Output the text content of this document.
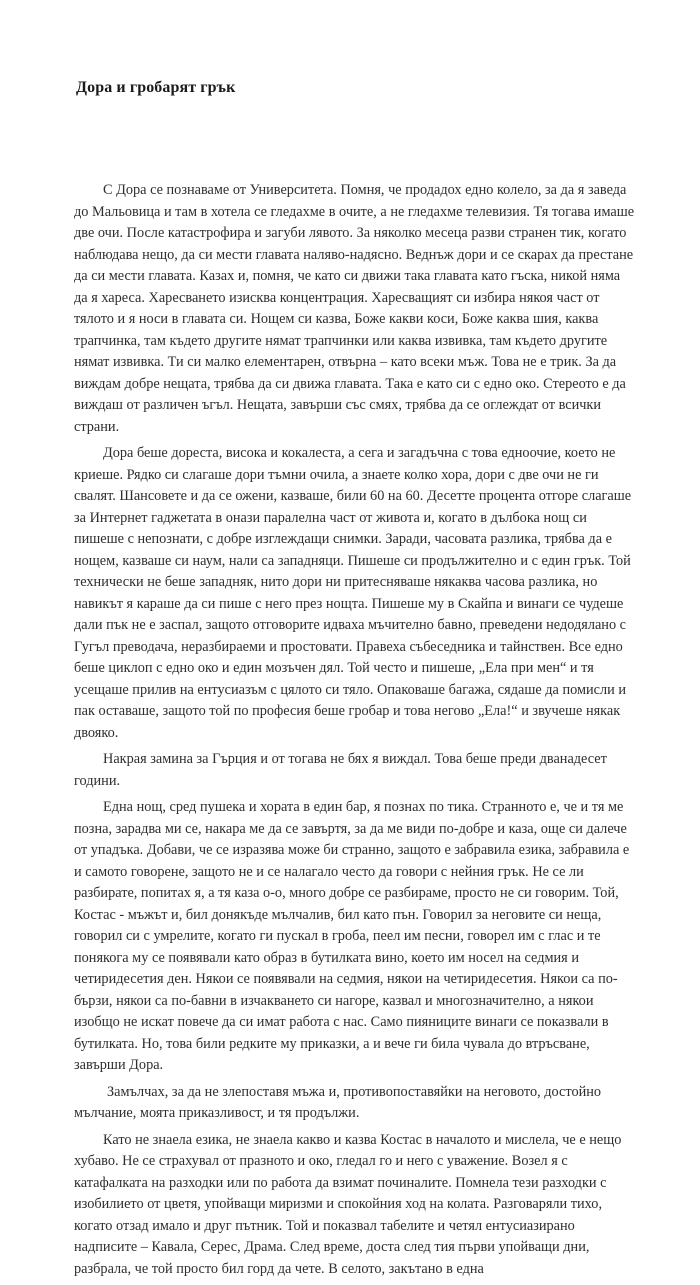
Дора и гробарят грък

С Дора се познаваме от Университета. Помня, че продадох едно колело, за да я заведа до Мальовица и там в хотела се гледахме в очите, а не гледахме телевизия. Тя тогава имаше две очи. После катастрофира и загуби лявото. За няколко месеца разви странен тик, когато наблюдава нещо, да си мести главата наляво-надясно. Веднъж дори и се скарах да престане да си мести главата. Казах и, помня, че като си движи така главата като гъска, никой няма да я хареса. Харесването изисква концентрация. Харесващият си избира някоя част от тялото и я носи в главата си. Нощем си казва, Боже какви коси, Боже каква шия, каква трапчинка, там където другите нямат трапчинки или каква извивка, там където другите нямат извивка. Ти си малко елементарен, отвърна – като всеки мъж. Това не е трик. За да виждам добре нещата, трябва да си движа главата. Така е като си с едно око. Стереото е да виждаш от различен ъгъл. Нещата, завърши със смях, трябва да се оглеждат от всички страни.

Дора беше дореста, висока и кокалеста, а сега и загадъчна с това едноочие, което не криеше. Рядко си слагаше дори тъмни очила, а знаете колко хора, дори с две очи не ги свалят. Шансовете и да се ожени, казваше, били 60 на 60. Десетте процента отгоре слагаше за Интернет гаджетата в онази паралелна част от живота и, когато в дълбока нощ си пишеше с непознати, с добре изглеждащи снимки. Заради, часовата разлика, трябва да е нощем, казваше си наум, нали са западняци. Пишеше си продължително и с един грък. Той технически не беше западняк, нито дори ни притесняваше някаква часова разлика, но навикът я караше да си пише с него през нощта. Пишеше му в Скайпа и винаги се чудеше дали пък не е заспал, защото отговорите идваха мъчително бавно, преведени недодялано с Гугъл преводача, неразбираеми и простовати. Правеха събеседника и тайнствен. Все едно беше циклоп с едно око и един мозъчен дял. Той често и пишеше, „Ела при мен“ и тя усещаше прилив на ентусиазъм с цялото си тяло. Опаковаше багажа, сядаше да помисли и пак оставаше, защото той по професия беше гробар и това негово „Ела!“ и звучеше някак двояко.

Накрая замина за Гърция и от тогава не бях я виждал. Това беше преди дванадесет години.

Една нощ, сред пушека и хората в един бар, я познах по тика. Странното е, че и тя ме позна, зарадва ми се, накара ме да се завъртя, за да ме види по-добре и каза, още си далече от упадъка. Добави, че се изразява може би странно, защото е забравила езика, забравила е и самото говорене, защото не и се налагало често да говори с нейния грък. Не се ли разбирате, попитах я, а тя каза о-о, много добре се разбираме, просто не си говорим. Той, Костас - мъжът и, бил донякъде мълчалив, бил като пън. Говорил за неговите си неща, говорил си с умрелите, когато ги пускал в гроба, пеел им песни, говорел им с глас и те понякога му се появявали като образ в бутилката вино, което им носел на седмия и четиридесетия ден. Някои се появявали на седмия, някои на четиридесетия. Някои са по-бързи, някои са по-бавни в изчакването си нагоре, казвал и многозначително, а някои изобщо не искат повече да си имат работа с нас. Само пияниците винаги се показвали в бутилката. Но, това били редките му приказки, а и вече ги била чувала до втръсване, завърши Дора.

Замълчах, за да не злепоставя мъжа и, противопоставяйки на неговото, достойно мълчание, моята приказливост, и тя продължи.

Като не знаела езика, не знаела какво и казва Костас в началото и мислела, че е нещо хубаво. Не се страхувал от празното и око, гледал го и него с уважение. Возел я с катафалката на разходки или по работа да взимат починалите. Помнела тези разходки с изобилието от цветя, упойващи миризми и спокойния ход на колата. Разговаряли тихо, когато отзад имало и друг пътник. Той и показвал табелите и четял ентусиазирано надписите – Кавала, Серес, Драма. След време, доста след тия първи упойващи дни, разбрала, че той просто бил горд да чете. В селото, закътано в една
